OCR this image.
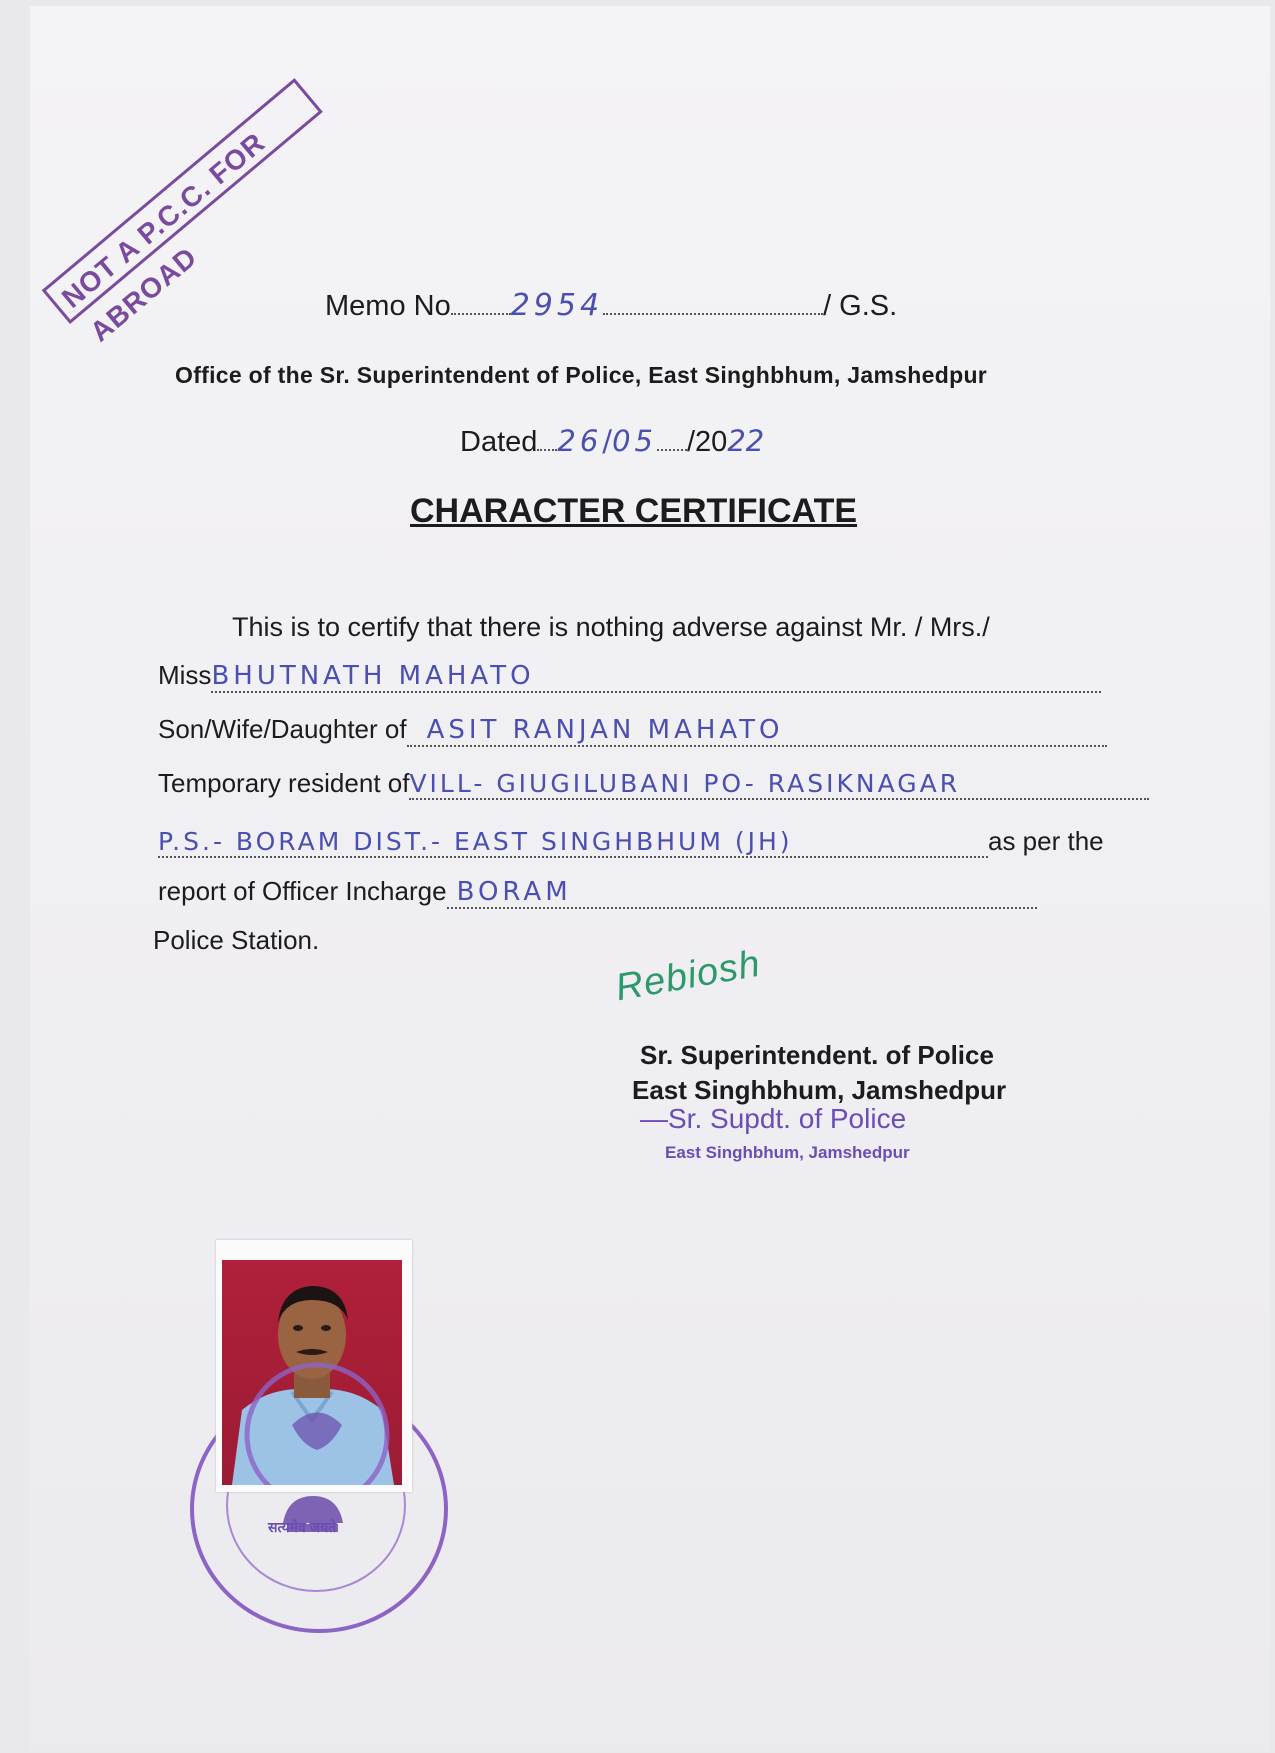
NOT A P.C.C. FOR ABROAD	Memo No 2954	/ G.S.
Office of the Sr. Superintendent of Police, East Singhbhum, Jamshedpur
Dated 26/05 /2022
CHARACTER CERTIFICATE
This is to certify that there is nothing adverse against Mr. / Mrs./
MissBHUTNATH MAHATO
Son/Wife/Daughter of ASIT RANJAN MAHATO
Temporary resident ofVILL- GIUGILUBANI PO- RASIKNAGAR
P.S.- BORAM DIST.- EAST SINGHBHUM (JH)	as per the
report of Officer Incharge BORAM
Police Station.
Rebiosh
Sr. Superintendent. of Police
East Singhbhum, Jamshedpur
—Sr. Supdt. of Police
East Singhbhum, Jamshedpur
सत्यमेव जयते
